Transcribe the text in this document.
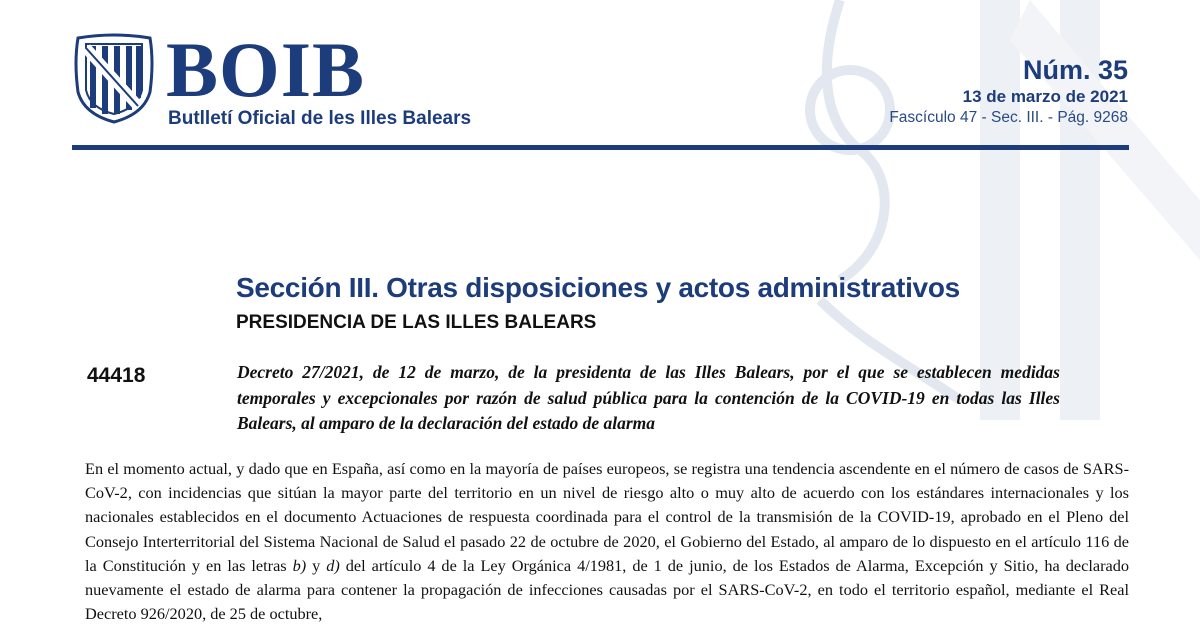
BOIB
Butlletí Oficial de les Illes Balears
Núm. 35
13 de marzo de 2021
Fascículo 47 - Sec. III. - Pág. 9268
Sección III. Otras disposiciones y actos administrativos
PRESIDENCIA DE LAS ILLES BALEARS
44418	Decreto 27/2021, de 12 de marzo, de la presidenta de las Illes Balears, por el que se establecen medidas temporales y excepcionales por razón de salud pública para la contención de la COVID-19 en todas las Illes Balears, al amparo de la declaración del estado de alarma
En el momento actual, y dado que en España, así como en la mayoría de países europeos, se registra una tendencia ascendente en el número de casos de SARS-CoV-2, con incidencias que sitúan la mayor parte del territorio en un nivel de riesgo alto o muy alto de acuerdo con los estándares internacionales y los nacionales establecidos en el documento Actuaciones de respuesta coordinada para el control de la transmisión de la COVID-19, aprobado en el Pleno del Consejo Interterritorial del Sistema Nacional de Salud el pasado 22 de octubre de 2020, el Gobierno del Estado, al amparo de lo dispuesto en el artículo 116 de la Constitución y en las letras b) y d) del artículo 4 de la Ley Orgánica 4/1981, de 1 de junio, de los Estados de Alarma, Excepción y Sitio, ha declarado nuevamente el estado de alarma para contener la propagación de infecciones causadas por el SARS-CoV-2, en todo el territorio español, mediante el Real Decreto 926/2020, de 25 de octubre,
